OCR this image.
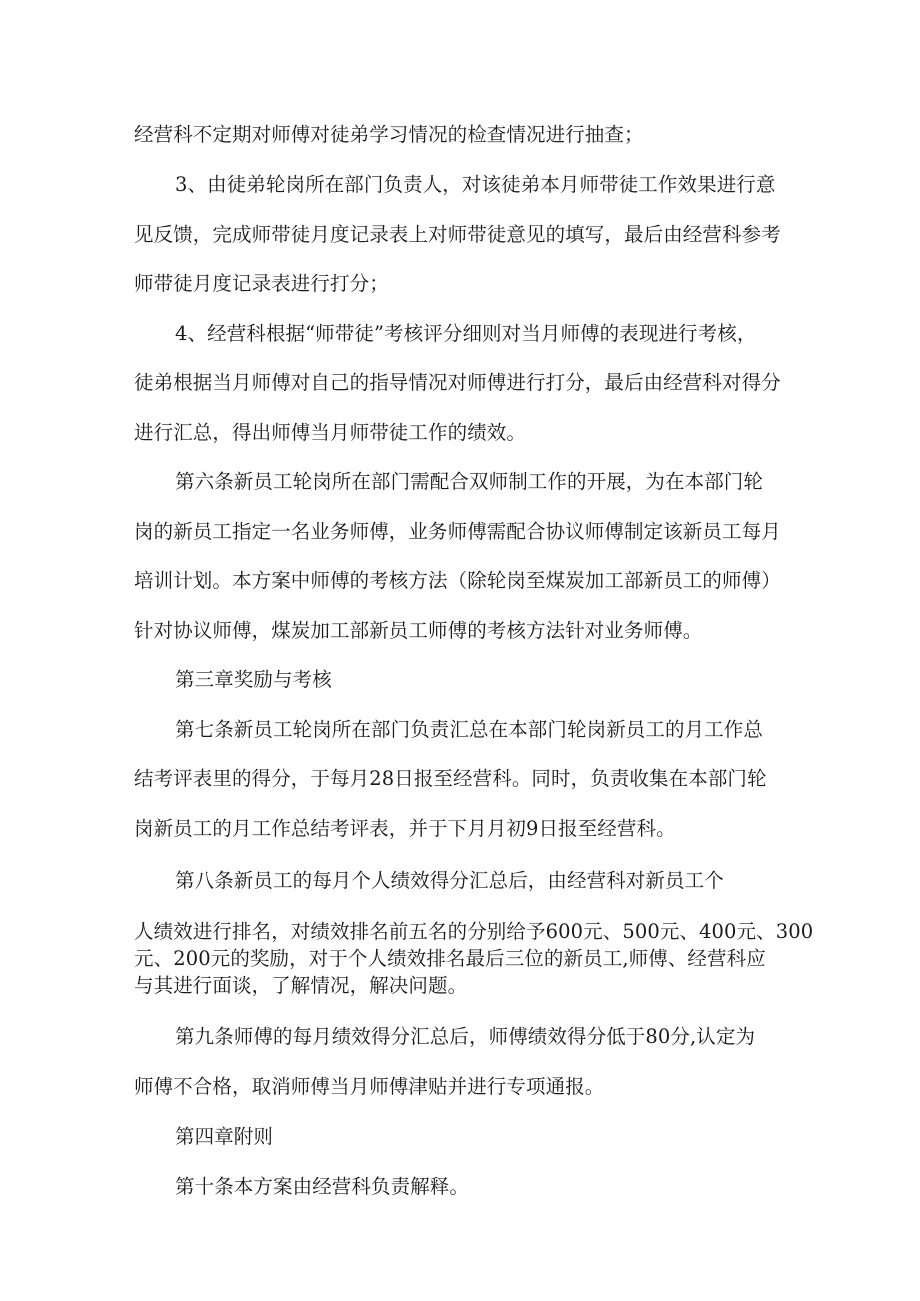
经营科不定期对师傅对徒弟学习情况的检查情况进行抽查；
3、由徒弟轮岗所在部门负责人，对该徒弟本月师带徒工作效果进行意
见反馈，完成师带徒月度记录表上对师带徒意见的填写，最后由经营科参考
师带徒月度记录表进行打分；
4、经营科根据“师带徒”考核评分细则对当月师傅的表现进行考核，
徒弟根据当月师傅对自己的指导情况对师傅进行打分，最后由经营科对得分
进行汇总，得出师傅当月师带徒工作的绩效。
第六条新员工轮岗所在部门需配合双师制工作的开展，为在本部门轮
岗的新员工指定一名业务师傅，业务师傅需配合协议师傅制定该新员工每月
培训计划。本方案中师傅的考核方法（除轮岗至煤炭加工部新员工的师傅）
针对协议师傅，煤炭加工部新员工师傅的考核方法针对业务师傅。
第三章奖励与考核
第七条新员工轮岗所在部门负责汇总在本部门轮岗新员工的月工作总
结考评表里的得分，于每月28日报至经营科。同时，负责收集在本部门轮
岗新员工的月工作总结考评表，并于下月月初9日报至经营科。
第八条新员工的每月个人绩效得分汇总后，由经营科对新员工个
人绩效进行排名，对绩效排名前五名的分别给予600元、500元、400元、300
元、200元的奖励，对于个人绩效排名最后三位的新员工,师傅、经营科应
与其进行面谈，了解情况，解决问题。
第九条师傅的每月绩效得分汇总后，师傅绩效得分低于80分,认定为
师傅不合格，取消师傅当月师傅津贴并进行专项通报。
第四章附则
第十条本方案由经营科负责解释。
